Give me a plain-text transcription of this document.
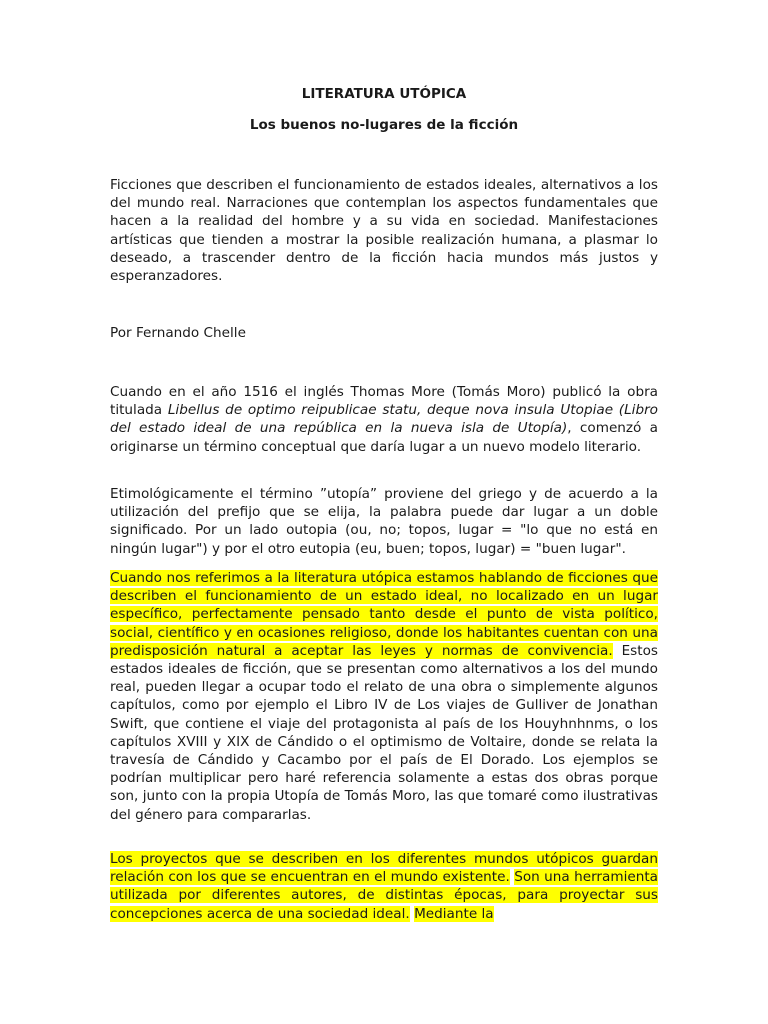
LITERATURA UTÓPICA
Los buenos no-lugares de la ficción

Ficciones que describen el funcionamiento de estados ideales, alternativos a los del mundo real. Narraciones que contemplan los aspectos fundamentales que hacen a la realidad del hombre y a su vida en sociedad. Manifestaciones artísticas que tienden a mostrar la posible realización humana, a plasmar lo deseado, a trascender dentro de la ficción hacia mundos más justos y esperanzadores.

Por Fernando Chelle

Cuando en el año 1516 el inglés Thomas More (Tomás Moro) publicó la obra titulada Libellus de optimo reipublicae statu, deque nova insula Utopiae (Libro del estado ideal de una república en la nueva isla de Utopía), comenzó a originarse un término conceptual que daría lugar a un nuevo modelo literario.

Etimológicamente el término ”utopía” proviene del griego y de acuerdo a la utilización del prefijo que se elija, la palabra puede dar lugar a un doble significado. Por un lado outopia (ou, no; topos, lugar = "lo que no está en ningún lugar") y por el otro eutopia (eu, buen; topos, lugar) = "buen lugar".

Cuando nos referimos a la literatura utópica estamos hablando de ficciones que describen el funcionamiento de un estado ideal, no localizado en un lugar específico, perfectamente pensado tanto desde el punto de vista político, social, científico y en ocasiones religioso, donde los habitantes cuentan con una predisposición natural a aceptar las leyes y normas de convivencia. Estos estados ideales de ficción, que se presentan como alternativos a los del mundo real, pueden llegar a ocupar todo el relato de una obra o simplemente algunos capítulos, como por ejemplo el Libro IV de Los viajes de Gulliver de Jonathan Swift, que contiene el viaje del protagonista al país de los Houyhnhnms, o los capítulos XVIII y XIX de Cándido o el optimismo de Voltaire, donde se relata la travesía de Cándido y Cacambo por el país de El Dorado. Los ejemplos se podrían multiplicar pero haré referencia solamente a estas dos obras porque son, junto con la propia Utopía de Tomás Moro, las que tomaré como ilustrativas del género para compararlas.

Los proyectos que se describen en los diferentes mundos utópicos guardan relación con los que se encuentran en el mundo existente. Son una herramienta utilizada por diferentes autores, de distintas épocas, para proyectar sus concepciones acerca de una sociedad ideal. Mediante la
